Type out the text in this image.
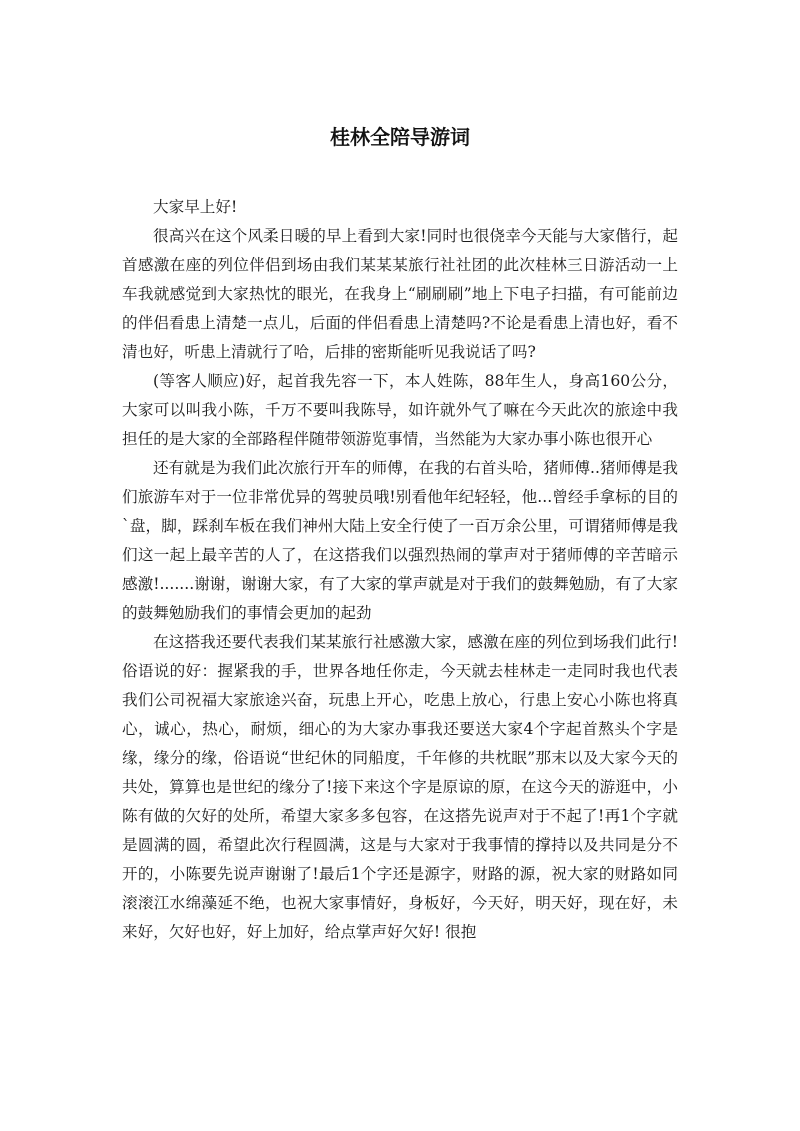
桂林全陪导游词

大家早上好!

很高兴在这个风柔日暖的早上看到大家!同时也很侥幸今天能与大家偕行，起首感激在座的列位伴侣到场由我们某某某旅行社社团的此次桂林三日游活动一上车我就感觉到大家热忱的眼光，在我身上“刷刷刷”地上下电子扫描，有可能前边的伴侣看患上清楚一点儿，后面的伴侣看患上清楚吗?不论是看患上清也好，看不清也好，听患上清就行了哈，后排的密斯能听见我说话了吗?

(等客人顺应)好，起首我先容一下，本人姓陈，88年生人，身高160公分，大家可以叫我小陈，千万不要叫我陈导，如许就外气了嘛在今天此次的旅途中我担任的是大家的全部路程伴随带领游览事情，当然能为大家办事小陈也很开心

还有就是为我们此次旅行开车的师傅，在我的右首头哈，猪师傅..猪师傅是我们旅游车对于一位非常优异的驾驶员哦!别看他年纪轻轻，他...曾经手拿标的目的`盘，脚，踩刹车板在我们神州大陆上安全行使了一百万余公里，可谓猪师傅是我们这一起上最辛苦的人了，在这搭我们以强烈热闹的掌声对于猪师傅的辛苦暗示感激!.......谢谢，谢谢大家，有了大家的掌声就是对于我们的鼓舞勉励，有了大家的鼓舞勉励我们的事情会更加的起劲

在这搭我还要代表我们某某旅行社感激大家，感激在座的列位到场我们此行!俗语说的好：握紧我的手，世界各地任你走，今天就去桂林走一走同时我也代表我们公司祝福大家旅途兴奋，玩患上开心，吃患上放心，行患上安心小陈也将真心，诚心，热心，耐烦，细心的为大家办事我还要送大家4个字起首熬头个字是缘，缘分的缘，俗语说“世纪休的同船度，千年修的共枕眠”那末以及大家今天的共处，算算也是世纪的缘分了!接下来这个字是原谅的原，在这今天的游逛中，小陈有做的欠好的处所，希望大家多多包容，在这搭先说声对于不起了!再1个字就是圆满的圆，希望此次行程圆满，这是与大家对于我事情的撑持以及共同是分不开的，小陈要先说声谢谢了!最后1个字还是源字，财路的源，祝大家的财路如同滚滚江水绵藻延不绝，也祝大家事情好，身板好，今天好，明天好，现在好，未来好，欠好也好，好上加好，给点掌声好欠好! 很抱
